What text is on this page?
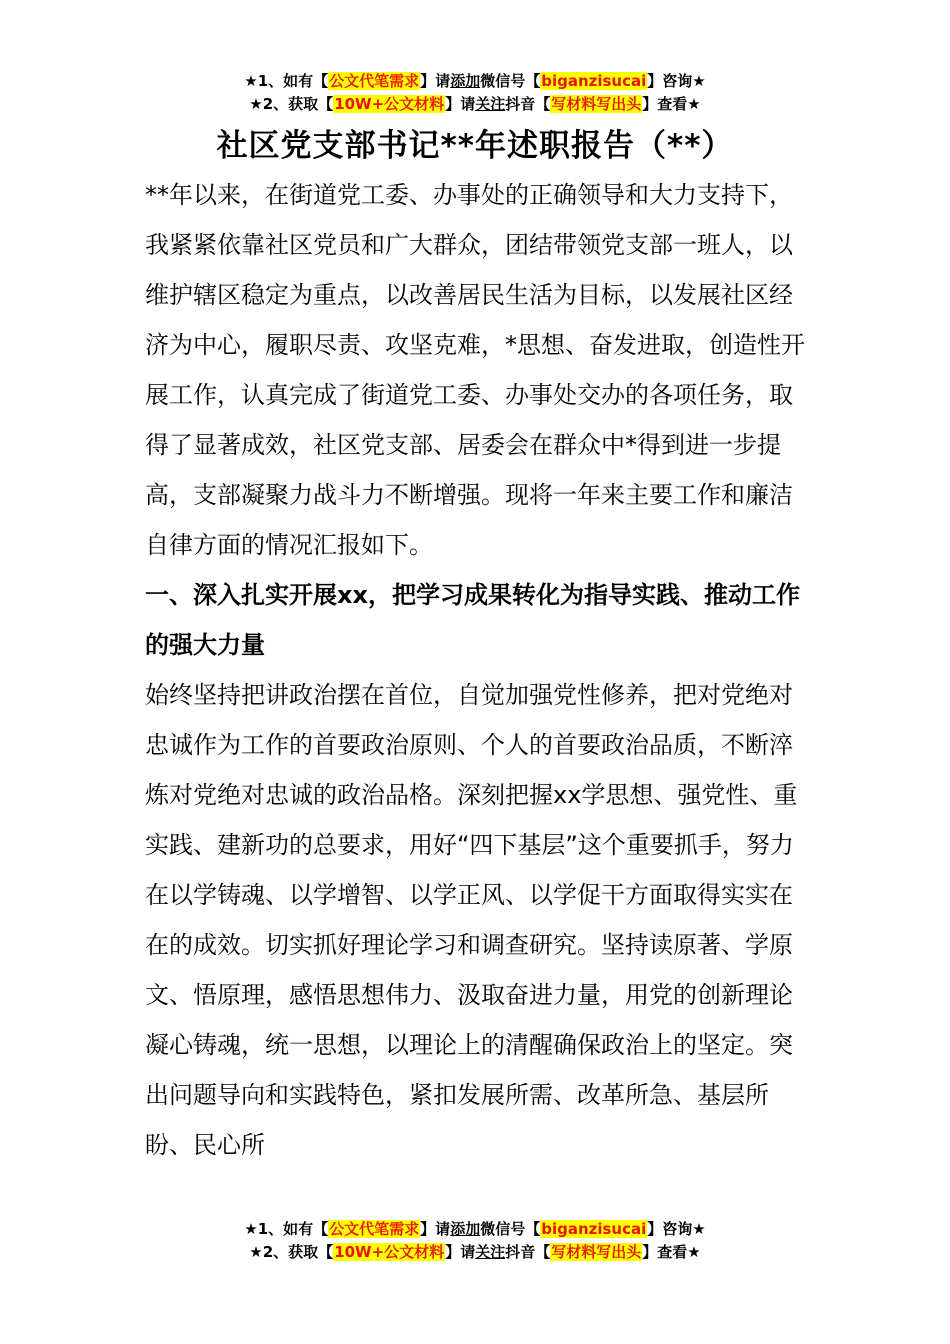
★1、如有【公文代笔需求】请添加微信号【biganzisucai】咨询★
★2、获取【10W+公文材料】请关注抖音【写材料写出头】查看★
社区党支部书记**年述职报告（**）

**年以来，在街道党工委、办事处的正确领导和大力支持下，我紧紧依靠社区党员和广大群众，团结带领党支部一班人，以维护辖区稳定为重点，以改善居民生活为目标，以发展社区经济为中心，履职尽责、攻坚克难，*思想、奋发进取，创造性开展工作，认真完成了街道党工委、办事处交办的各项任务，取得了显著成效，社区党支部、居委会在群众中*得到进一步提高，支部凝聚力战斗力不断增强。现将一年来主要工作和廉洁自律方面的情况汇报如下。

一、深入扎实开展xx，把学习成果转化为指导实践、推动工作的强大力量

始终坚持把讲政治摆在首位，自觉加强党性修养，把对党绝对忠诚作为工作的首要政治原则、个人的首要政治品质，不断淬炼对党绝对忠诚的政治品格。深刻把握xx学思想、强党性、重实践、建新功的总要求，用好“四下基层”这个重要抓手，努力在以学铸魂、以学增智、以学正风、以学促干方面取得实实在在的成效。切实抓好理论学习和调查研究。坚持读原著、学原文、悟原理，感悟思想伟力、汲取奋进力量，用党的创新理论凝心铸魂，统一思想，以理论上的清醒确保政治上的坚定。突出问题导向和实践特色，紧扣发展所需、改革所急、基层所盼、民心所

★1、如有【公文代笔需求】请添加微信号【biganzisucai】咨询★
★2、获取【10W+公文材料】请关注抖音【写材料写出头】查看★
